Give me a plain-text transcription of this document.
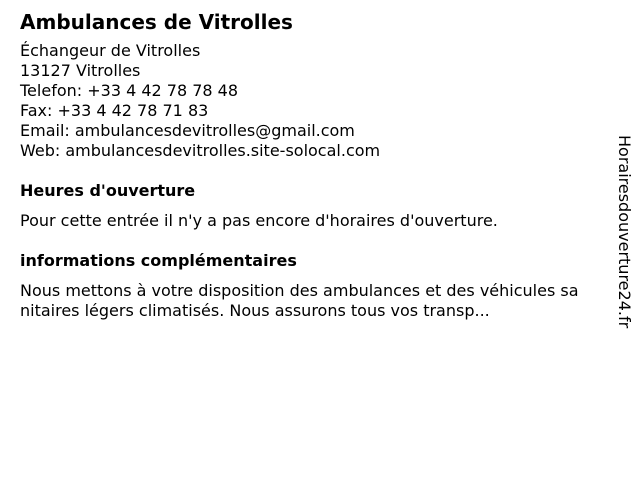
Ambulances de Vitrolles
Échangeur de Vitrolles
13127 Vitrolles
Telefon: +33 4 42 78 78 48
Fax: +33 4 42 78 71 83
Email: ambulancesdevitrolles@gmail.com
Web: ambulancesdevitrolles.site-solocal.com
Heures d'ouverture
Pour cette entrée il n'y a pas encore d'horaires d'ouverture.
informations complémentaires
Nous mettons à votre disposition des ambulances et des véhicules sanitaires légers climatisés. Nous assurons tous vos transp...	Horairesdouverture24.fr
